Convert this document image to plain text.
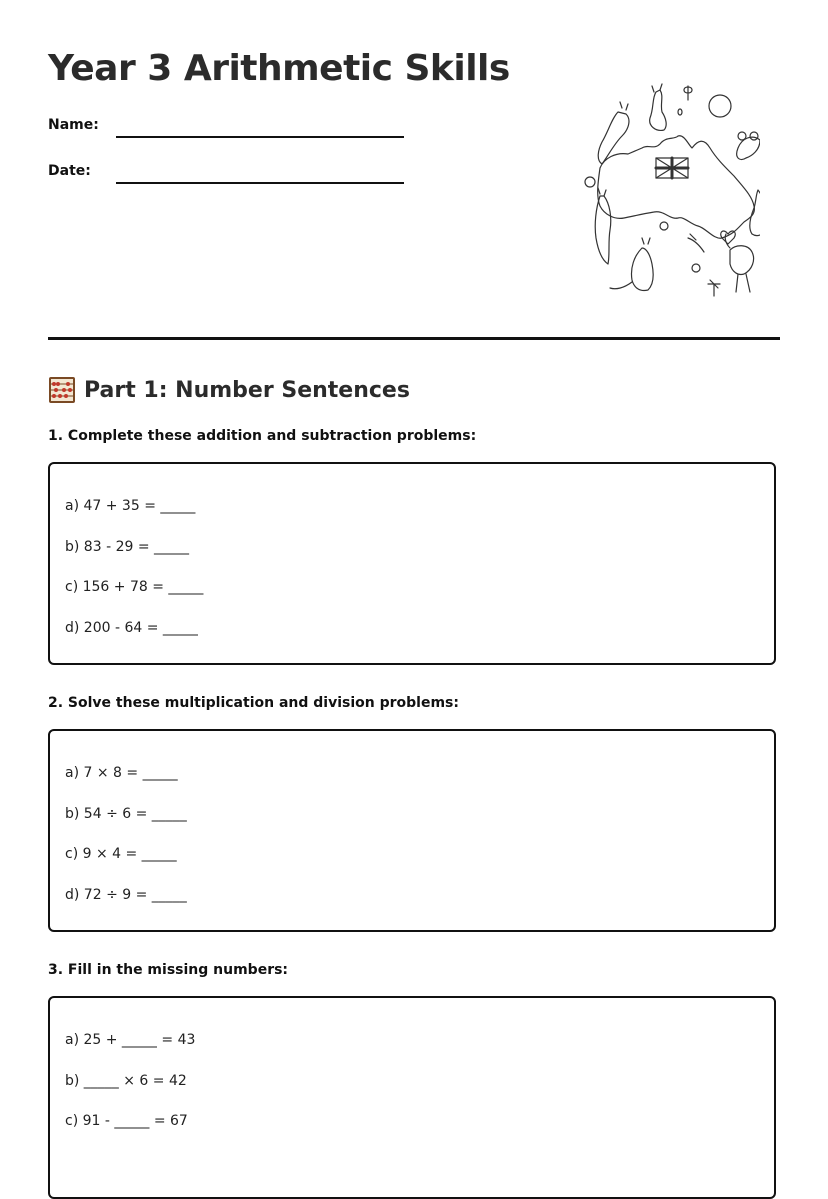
Year 3 Arithmetic Skills
Name:
Date:
Part 1: Number Sentences
1. Complete these addition and subtraction problems:
a) 47 + 35 = _____
b) 83 - 29 = _____
c) 156 + 78 = _____
d) 200 - 64 = _____
2. Solve these multiplication and division problems:
a) 7 × 8 = _____
b) 54 ÷ 6 = _____
c) 9 × 4 = _____
d) 72 ÷ 9 = _____
3. Fill in the missing numbers:
a) 25 + _____ = 43
b) _____ × 6 = 42
c) 91 - _____ = 67
